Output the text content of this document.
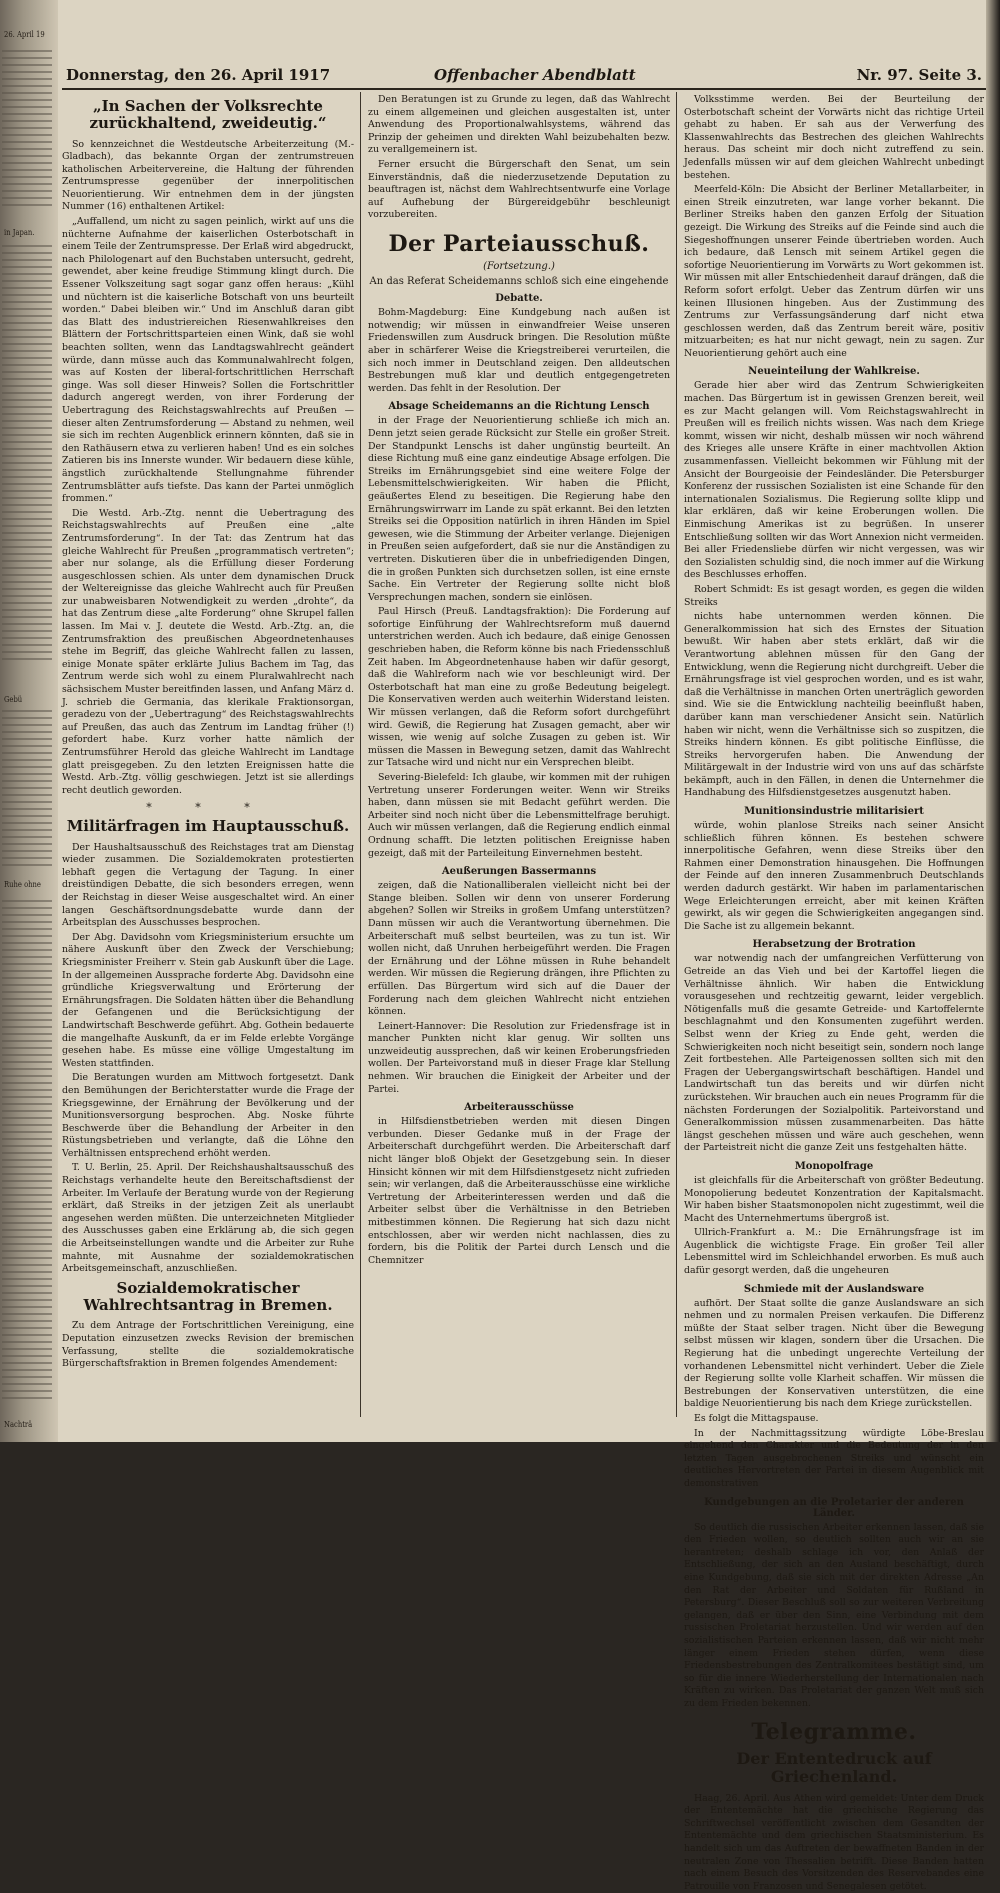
26. April 19
in Japan.
Ruhe ohne
Gebü
Nachträ
Donnerstag, den 26. April 1917	Offenbacher Abendblatt	Nr. 97. Seite 3.
„In Sachen der Volksrechte zurückhaltend, zweideutig.“

So kennzeichnet die Westdeutsche Arbeiterzeitung (M.-Gladbach), das bekannte Organ der zentrumstreuen katholischen Arbeitervereine, die Haltung der führenden Zentrumspresse gegenüber der innerpolitischen Neuorientierung. Wir entnehmen dem in der jüngsten Nummer (16) enthaltenen Artikel:

„Auffallend, um nicht zu sagen peinlich, wirkt auf uns die nüchterne Aufnahme der kaiserlichen Osterbotschaft in einem Teile der Zentrumspresse. Der Erlaß wird abgedruckt, nach Philologenart auf den Buchstaben untersucht, gedreht, gewendet, aber keine freudige Stimmung klingt durch. Die Essener Volkszeitung sagt sogar ganz offen heraus: „Kühl und nüchtern ist die kaiserliche Botschaft von uns beurteilt worden.“ Dabei bleiben wir.“ Und im Anschluß daran gibt das Blatt des industriereichen Riesenwahlkreises den Blättern der Fortschrittsparteien einen Wink, daß sie wohl beachten sollten, wenn das Landtagswahlrecht geändert würde, dann müsse auch das Kommunalwahlrecht folgen, was auf Kosten der liberal-fortschrittlichen Herrschaft ginge. Was soll dieser Hinweis? Sollen die Fortschrittler dadurch angeregt werden, von ihrer Forderung der Uebertragung des Reichstagswahlrechts auf Preußen — dieser alten Zentrumsforderung — Abstand zu nehmen, weil sie sich im rechten Augenblick erinnern könnten, daß sie in den Rathäusern etwa zu verlieren haben! Und es ein solches Zatieren bis ins Innerste wunder. Wir bedauern diese kühle, ängstlich zurückhaltende Stellungnahme führender Zentrumsblätter aufs tiefste. Das kann der Partei unmöglich frommen.“

Die Westd. Arb.-Ztg. nennt die Uebertragung des Reichstagswahlrechts auf Preußen eine „alte Zentrumsforderung“. In der Tat: das Zentrum hat das gleiche Wahlrecht für Preußen „programmatisch vertreten“; aber nur solange, als die Erfüllung dieser Forderung ausgeschlossen schien. Als unter dem dynamischen Druck der Weltereignisse das gleiche Wahlrecht auch für Preußen zur unabweisbaren Notwendigkeit zu werden „drohte“, da hat das Zentrum diese „alte Forderung“ ohne Skrupel fallen lassen. Im Mai v. J. deutete die Westd. Arb.-Ztg. an, die Zentrumsfraktion des preußischen Abgeordnetenhauses stehe im Begriff, das gleiche Wahlrecht fallen zu lassen, einige Monate später erklärte Julius Bachem im Tag, das Zentrum werde sich wohl zu einem Pluralwahlrecht nach sächsischem Muster bereitfinden lassen, und Anfang März d. J. schrieb die Germania, das klerikale Fraktionsorgan, geradezu von der „Uebertragung“ des Reichstagswahlrechts auf Preußen, das auch das Zentrum im Landtag früher (!) gefordert habe. Kurz vorher hatte nämlich der Zentrumsführer Herold das gleiche Wahlrecht im Landtage glatt preisgegeben. Zu den letzten Ereignissen hatte die Westd. Arb.-Ztg. völlig geschwiegen. Jetzt ist sie allerdings recht deutlich geworden.

* * *
Militärfragen im Hauptausschuß.

Der Haushaltsausschuß des Reichstages trat am Dienstag wieder zusammen. Die Sozialdemokraten protestierten lebhaft gegen die Vertagung der Tagung. In einer dreistündigen Debatte, die sich besonders erregen, wenn der Reichstag in dieser Weise ausgeschaltet wird. An einer langen Geschäftsordnungsdebatte wurde dann der Arbeitsplan des Ausschusses besprochen.

Der Abg. Davidsohn vom Kriegsministerium ersuchte um nähere Auskunft über den Zweck der Verschiebung; Kriegsminister Freiherr v. Stein gab Auskunft über die Lage. In der allgemeinen Aussprache forderte Abg. Davidsohn eine gründliche Kriegsverwaltung und Erörterung der Ernährungsfragen. Die Soldaten hätten über die Behandlung der Gefangenen und die Berücksichtigung der Landwirtschaft Beschwerde geführt. Abg. Gothein bedauerte die mangelhafte Auskunft, da er im Felde erlebte Vorgänge gesehen habe. Es müsse eine völlige Umgestaltung im Westen stattfinden.

Die Beratungen wurden am Mittwoch fortgesetzt. Dank den Bemühungen der Berichterstatter wurde die Frage der Kriegsgewinne, der Ernährung der Bevölkerung und der Munitionsversorgung besprochen. Abg. Noske führte Beschwerde über die Behandlung der Arbeiter in den Rüstungsbetrieben und verlangte, daß die Löhne den Verhältnissen entsprechend erhöht werden.

T. U. Berlin, 25. April. Der Reichshaushaltsausschuß des Reichstags verhandelte heute den Bereitschaftsdienst der Arbeiter. Im Verlaufe der Beratung wurde von der Regierung erklärt, daß Streiks in der jetzigen Zeit als unerlaubt angesehen werden müßten. Die unterzeichneten Mitglieder des Ausschusses gaben eine Erklärung ab, die sich gegen die Arbeitseinstellungen wandte und die Arbeiter zur Ruhe mahnte, mit Ausnahme der sozialdemokratischen Arbeitsgemeinschaft, anzuschließen.

Sozialdemokratischer Wahlrechtsantrag in Bremen.

Zu dem Antrage der Fortschrittlichen Vereinigung, eine Deputation einzusetzen zwecks Revision der bremischen Verfassung, stellte die sozialdemokratische Bürgerschaftsfraktion in Bremen folgendes Amendement:

Den Beratungen ist zu Grunde zu legen, daß das Wahlrecht zu einem allgemeinen und gleichen ausgestalten ist, unter Anwendung des Proportionalwahlsystems, während das Prinzip der geheimen und direkten Wahl beizubehalten bezw. zu verallgemeinern ist.

Ferner ersucht die Bürgerschaft den Senat, um sein Einverständnis, daß die niederzusetzende Deputation zu beauftragen ist, nächst dem Wahlrechtsentwurfe eine Vorlage auf Aufhebung der Bürgereidgebühr beschleunigt vorzubereiten.

Der Parteiausschuß.
(Fortsetzung.)
An das Referat Scheidemanns schloß sich eine eingehende
Debatte.

Bohm-Magdeburg: Eine Kundgebung nach außen ist notwendig; wir müssen in einwandfreier Weise unseren Friedenswillen zum Ausdruck bringen. Die Resolution müßte aber in schärferer Weise die Kriegstreiberei verurteilen, die sich noch immer in Deutschland zeigen. Den alldeutschen Bestrebungen muß klar und deutlich entgegengetreten werden. Das fehlt in der Resolution. Der

Absage Scheidemanns an die Richtung Lensch

in der Frage der Neuorientierung schließe ich mich an. Denn jetzt seien gerade Rücksicht zur Stelle ein großer Streit. Der Standpunkt Lenschs ist daher ungünstig beurteilt. An diese Richtung muß eine ganz eindeutige Absage erfolgen. Die Streiks im Ernährungsgebiet sind eine weitere Folge der Lebensmittelschwierigkeiten. Wir haben die Pflicht, geäußertes Elend zu beseitigen. Die Regierung habe den Ernährungswirrwarr im Lande zu spät erkannt. Bei den letzten Streiks sei die Opposition natürlich in ihren Händen im Spiel gewesen, wie die Stimmung der Arbeiter verlange. Diejenigen in Preußen seien aufgefordert, daß sie nur die Anständigen zu vertreten. Diskutieren über die in unbefriedigenden Dingen, die in großen Punkten sich durchsetzen sollen, ist eine ernste Sache. Ein Vertreter der Regierung sollte nicht bloß Versprechungen machen, sondern sie einlösen.

Paul Hirsch (Preuß. Landtagsfraktion): Die Forderung auf sofortige Einführung der Wahlrechtsreform muß dauernd unterstrichen werden. Auch ich bedaure, daß einige Genossen geschrieben haben, die Reform könne bis nach Friedensschluß Zeit haben. Im Abgeordnetenhause haben wir dafür gesorgt, daß die Wahlreform nach wie vor beschleunigt wird. Der Osterbotschaft hat man eine zu große Bedeutung beigelegt. Die Konservativen werden auch weiterhin Widerstand leisten. Wir müssen verlangen, daß die Reform sofort durchgeführt wird. Gewiß, die Regierung hat Zusagen gemacht, aber wir wissen, wie wenig auf solche Zusagen zu geben ist. Wir müssen die Massen in Bewegung setzen, damit das Wahlrecht zur Tatsache wird und nicht nur ein Versprechen bleibt.

Severing-Bielefeld: Ich glaube, wir kommen mit der ruhigen Vertretung unserer Forderungen weiter. Wenn wir Streiks haben, dann müssen sie mit Bedacht geführt werden. Die Arbeiter sind noch nicht über die Lebensmittelfrage beruhigt. Auch wir müssen verlangen, daß die Regierung endlich einmal Ordnung schafft. Die letzten politischen Ereignisse haben gezeigt, daß mit der Parteileitung Einvernehmen besteht.

Aeußerungen Bassermanns

zeigen, daß die Nationalliberalen vielleicht nicht bei der Stange bleiben. Sollen wir denn von unserer Forderung abgehen? Sollen wir Streiks in großem Umfang unterstützen? Dann müssen wir auch die Verantwortung übernehmen. Die Arbeiterschaft muß selbst beurteilen, was zu tun ist. Wir wollen nicht, daß Unruhen herbeigeführt werden. Die Fragen der Ernährung und der Löhne müssen in Ruhe behandelt werden. Wir müssen die Regierung drängen, ihre Pflichten zu erfüllen. Das Bürgertum wird sich auf die Dauer der Forderung nach dem gleichen Wahlrecht nicht entziehen können.

Leinert-Hannover: Die Resolution zur Friedensfrage ist in mancher Punkten nicht klar genug. Wir sollten uns unzweideutig aussprechen, daß wir keinen Eroberungsfrieden wollen. Der Parteivorstand muß in dieser Frage klar Stellung nehmen. Wir brauchen die Einigkeit der Arbeiter und der Partei.

Arbeiterausschüsse

in Hilfsdienstbetrieben werden mit diesen Dingen verbunden. Dieser Gedanke muß in der Frage der Arbeiterschaft durchgeführt werden. Die Arbeiterschaft darf nicht länger bloß Objekt der Gesetzgebung sein. In dieser Hinsicht können wir mit dem Hilfsdienstgesetz nicht zufrieden sein; wir verlangen, daß die Arbeiterausschüsse eine wirkliche Vertretung der Arbeiterinteressen werden und daß die Arbeiter selbst über die Verhältnisse in den Betrieben mitbestimmen können. Die Regierung hat sich dazu nicht entschlossen, aber wir werden nicht nachlassen, dies zu fordern, bis die Politik der Partei durch Lensch und die Chemnitzer

Volksstimme werden. Bei der Beurteilung der Osterbotschaft scheint der Vorwärts nicht das richtige Urteil gehabt zu haben. Er sah aus der Verwerfung des Klassenwahlrechts das Bestrechen des gleichen Wahlrechts heraus. Das scheint mir doch nicht zutreffend zu sein. Jedenfalls müssen wir auf dem gleichen Wahlrecht unbedingt bestehen.

Meerfeld-Köln: Die Absicht der Berliner Metallarbeiter, in einen Streik einzutreten, war lange vorher bekannt. Die Berliner Streiks haben den ganzen Erfolg der Situation gezeigt. Die Wirkung des Streiks auf die Feinde sind auch die Siegeshoffnungen unserer Feinde übertrieben worden. Auch ich bedaure, daß Lensch mit seinem Artikel gegen die sofortige Neuorientierung im Vorwärts zu Wort gekommen ist. Wir müssen mit aller Entschiedenheit darauf drängen, daß die Reform sofort erfolgt. Ueber das Zentrum dürfen wir uns keinen Illusionen hingeben. Aus der Zustimmung des Zentrums zur Verfassungsänderung darf nicht etwa geschlossen werden, daß das Zentrum bereit wäre, positiv mitzuarbeiten; es hat nur nicht gewagt, nein zu sagen. Zur Neuorientierung gehört auch eine

Neueinteilung der Wahlkreise.

Gerade hier aber wird das Zentrum Schwierigkeiten machen. Das Bürgertum ist in gewissen Grenzen bereit, weil es zur Macht gelangen will. Vom Reichstagswahlrecht in Preußen will es freilich nichts wissen. Was nach dem Kriege kommt, wissen wir nicht, deshalb müssen wir noch während des Krieges alle unsere Kräfte in einer machtvollen Aktion zusammenfassen. Vielleicht bekommen wir Fühlung mit der Ansicht der Bourgeoisie der Feindesländer. Die Petersburger Konferenz der russischen Sozialisten ist eine Schande für den internationalen Sozialismus. Die Regierung sollte klipp und klar erklären, daß wir keine Eroberungen wollen. Die Einmischung Amerikas ist zu begrüßen. In unserer Entschließung sollten wir das Wort Annexion nicht vermeiden. Bei aller Friedensliebe dürfen wir nicht vergessen, was wir den Sozialisten schuldig sind, die noch immer auf die Wirkung des Beschlusses erhoffen.

Robert Schmidt: Es ist gesagt worden, es gegen die wilden Streiks

nichts habe unternommen werden können. Die Generalkommission hat sich des Ernstes der Situation bewußt. Wir haben aber stets erklärt, daß wir die Verantwortung ablehnen müssen für den Gang der Entwicklung, wenn die Regierung nicht durchgreift. Ueber die Ernährungsfrage ist viel gesprochen worden, und es ist wahr, daß die Verhältnisse in manchen Orten unerträglich geworden sind. Wie sie die Entwicklung nachteilig beeinflußt haben, darüber kann man verschiedener Ansicht sein. Natürlich haben wir nicht, wenn die Verhältnisse sich so zuspitzen, die Streiks hindern können. Es gibt politische Einflüsse, die Streiks hervorgerufen haben. Die Anwendung der Militärgewalt in der Industrie wird von uns auf das schärfste bekämpft, auch in den Fällen, in denen die Unternehmer die Handhabung des Hilfsdienstgesetzes ausgenutzt haben.

Munitionsindustrie militarisiert

würde, wohin planlose Streiks nach seiner Ansicht schließlich führen können. Es bestehen schwere innerpolitische Gefahren, wenn diese Streiks über den Rahmen einer Demonstration hinausgehen. Die Hoffnungen der Feinde auf den inneren Zusammenbruch Deutschlands werden dadurch gestärkt. Wir haben im parlamentarischen Wege Erleichterungen erreicht, aber mit keinen Kräften gewirkt, als wir gegen die Schwierigkeiten angegangen sind. Die Sache ist zu allgemein bekannt.

Herabsetzung der Brotration

war notwendig nach der umfangreichen Verfütterung von Getreide an das Vieh und bei der Kartoffel liegen die Verhältnisse ähnlich. Wir haben die Entwicklung vorausgesehen und rechtzeitig gewarnt, leider vergeblich. Nötigenfalls muß die gesamte Getreide- und Kartoffelernte beschlagnahmt und den Konsumenten zugeführt werden. Selbst wenn der Krieg zu Ende geht, werden die Schwierigkeiten noch nicht beseitigt sein, sondern noch lange Zeit fortbestehen. Alle Parteigenossen sollten sich mit den Fragen der Uebergangswirtschaft beschäftigen. Handel und Landwirtschaft tun das bereits und wir dürfen nicht zurückstehen. Wir brauchen auch ein neues Programm für die nächsten Forderungen der Sozialpolitik. Parteivorstand und Generalkommission müssen zusammenarbeiten. Das hätte längst geschehen müssen und wäre auch geschehen, wenn der Parteistreit nicht die ganze Zeit uns festgehalten hätte.

Monopolfrage

ist gleichfalls für die Arbeiterschaft von größter Bedeutung. Monopolierung bedeutet Konzentration der Kapitalsmacht. Wir haben bisher Staatsmonopolen nicht zugestimmt, weil die Macht des Unternehmertums übergroß ist.

Ullrich-Frankfurt a. M.: Die Ernährungsfrage ist im Augenblick die wichtigste Frage. Ein großer Teil aller Lebensmittel wird im Schleichhandel erworben. Es muß auch dafür gesorgt werden, daß die ungeheuren

Schmiede mit der Auslandsware

aufhört. Der Staat sollte die ganze Auslandsware an sich nehmen und zu normalen Preisen verkaufen. Die Differenz müßte der Staat selber tragen. Nicht über die Bewegung selbst müssen wir klagen, sondern über die Ursachen. Die Regierung hat die unbedingt ungerechte Verteilung der vorhandenen Lebensmittel nicht verhindert. Ueber die Ziele der Regierung sollte volle Klarheit schaffen. Wir müssen die Bestrebungen der Konservativen unterstützen, die eine baldige Neuorientierung bis nach dem Kriege zurückstellen.

Es folgt die Mittagspause.

In der Nachmittagssitzung würdigte Löbe-Breslau eingehend den Charakter und die Bedeutung der in den letzten Tagen ausgebrochenen Streiks und wünscht ein deutliches Hervortreten der Partei in diesem Augenblick mit demonstrativen

Kundgebungen an die Proletarier der anderen Länder.

So deutlich die russischen Arbeiter erkennen lassen, daß sie den Frieden wollen, so deutlich sollten auch wir an sie herantreten; deshalb schlage ich vor, den Anlaß der Entschließung, der sich an den Ausland beschäftigt, durch eine Kundgebung, daß sie sich mit der direkten Adresse „An den Rat der Arbeiter und Soldaten für Rußland in Petersburg“. Dieser Beschluß soll so zur weiteren Verbreitung gelangen, daß er über den Sinn, eine Verbindung mit dem russischen Proletariat herzustellen. Und wir werden auf den sozialistischen Parteien erkennen lassen, daß wir nicht mehr länger einem Frieden stehen dürfen, wenn diese Friedensbestrebungen des Zentralkomitees bestätigt sind, um so für die innere Wiederherstellung der Internationalen nach Kräften zu wirken. Das Proletariat der ganzen Welt muß sich zu dem Frieden bekennen.

Telegramme.
Der Ententedruck auf Griechenland.

Haag, 26. April. Aus Athen wird gemeldet: Unter dem Druck der Ententemächte hat die griechische Regierung das Schriftwechsel veröffentlicht zwischen dem Gesandten der Ententemächte und dem griechischen Staatsministerium. Es handelt sich um das Auftreten der bewaffneten Banden in der neutralen Zone von Thessalien betrifft. Diese Banden hatten nach einem Besuch des Vorsitzenden des Reservebandes eine Patrouille von Franzosen und Senegalesen getötet.
